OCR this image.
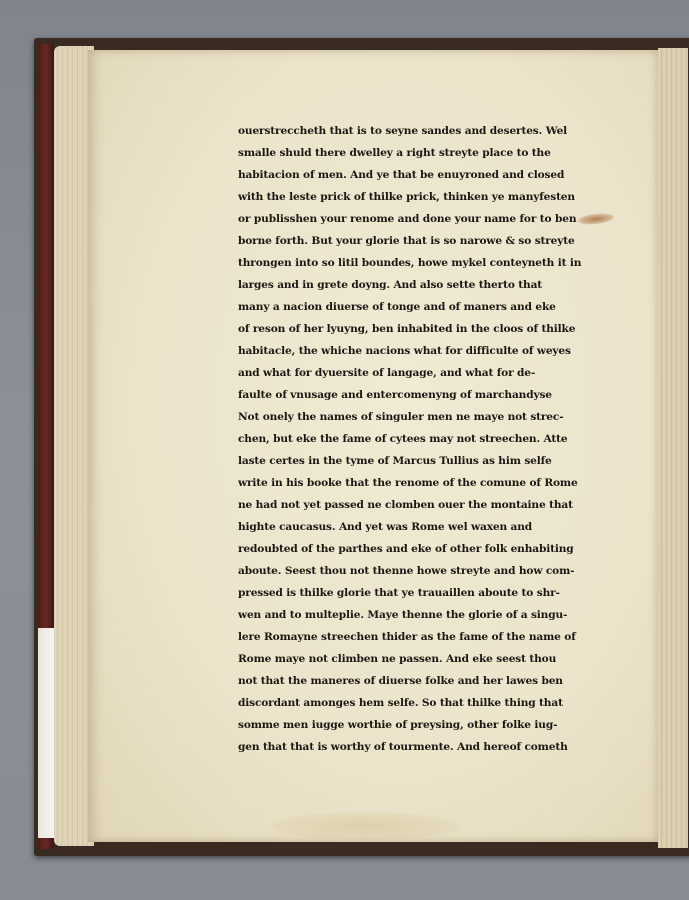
ouerstreccheth that is to seyne sandes and desertes. Wel
smalle shuld there dwelley a right streyte place to the
habitacion of men. And ye that be enuyroned and closed
with the leste prick of thilke prick, thinken ye manyfesten
or publisshen your renome and done your name for to ben
borne forth. But your glorie that is so narowe & so streyte
throngen into so litil boundes, howe mykel conteyneth it in
larges and in grete doyng. And also sette therto that
many a nacion diuerse of tonge and of maners and eke
of reson of her lyuyng, ben inhabited in the cloos of thilke
habitacle, the whiche nacions what for difficulte of weyes
and what for dyuersite of langage, and what for de-
faulte of vnusage and entercomenyng of marchandyse
Not onely the names of singuler men ne maye not strec-
chen, but eke the fame of cytees may not streechen. Atte
laste certes in the tyme of Marcus Tullius as him selfe
write in his booke that the renome of the comune of Rome
ne had not yet passed ne clomben ouer the montaine that
highte caucasus. And yet was Rome wel waxen and
redoubted of the parthes and eke of other folk enhabiting
aboute. Seest thou not thenne howe streyte and how com-
pressed is thilke glorie that ye trauaillen aboute to shr-
wen and to multeplie. Maye thenne the glorie of a singu-
lere Romayne streechen thider as the fame of the name of
Rome maye not climben ne passen. And eke seest thou
not that the maneres of diuerse folke and her lawes ben
discordant amonges hem selfe. So that thilke thing that
somme men iugge worthie of preysing, other folke iug-
gen that that is worthy of tourmente. And hereof cometh
